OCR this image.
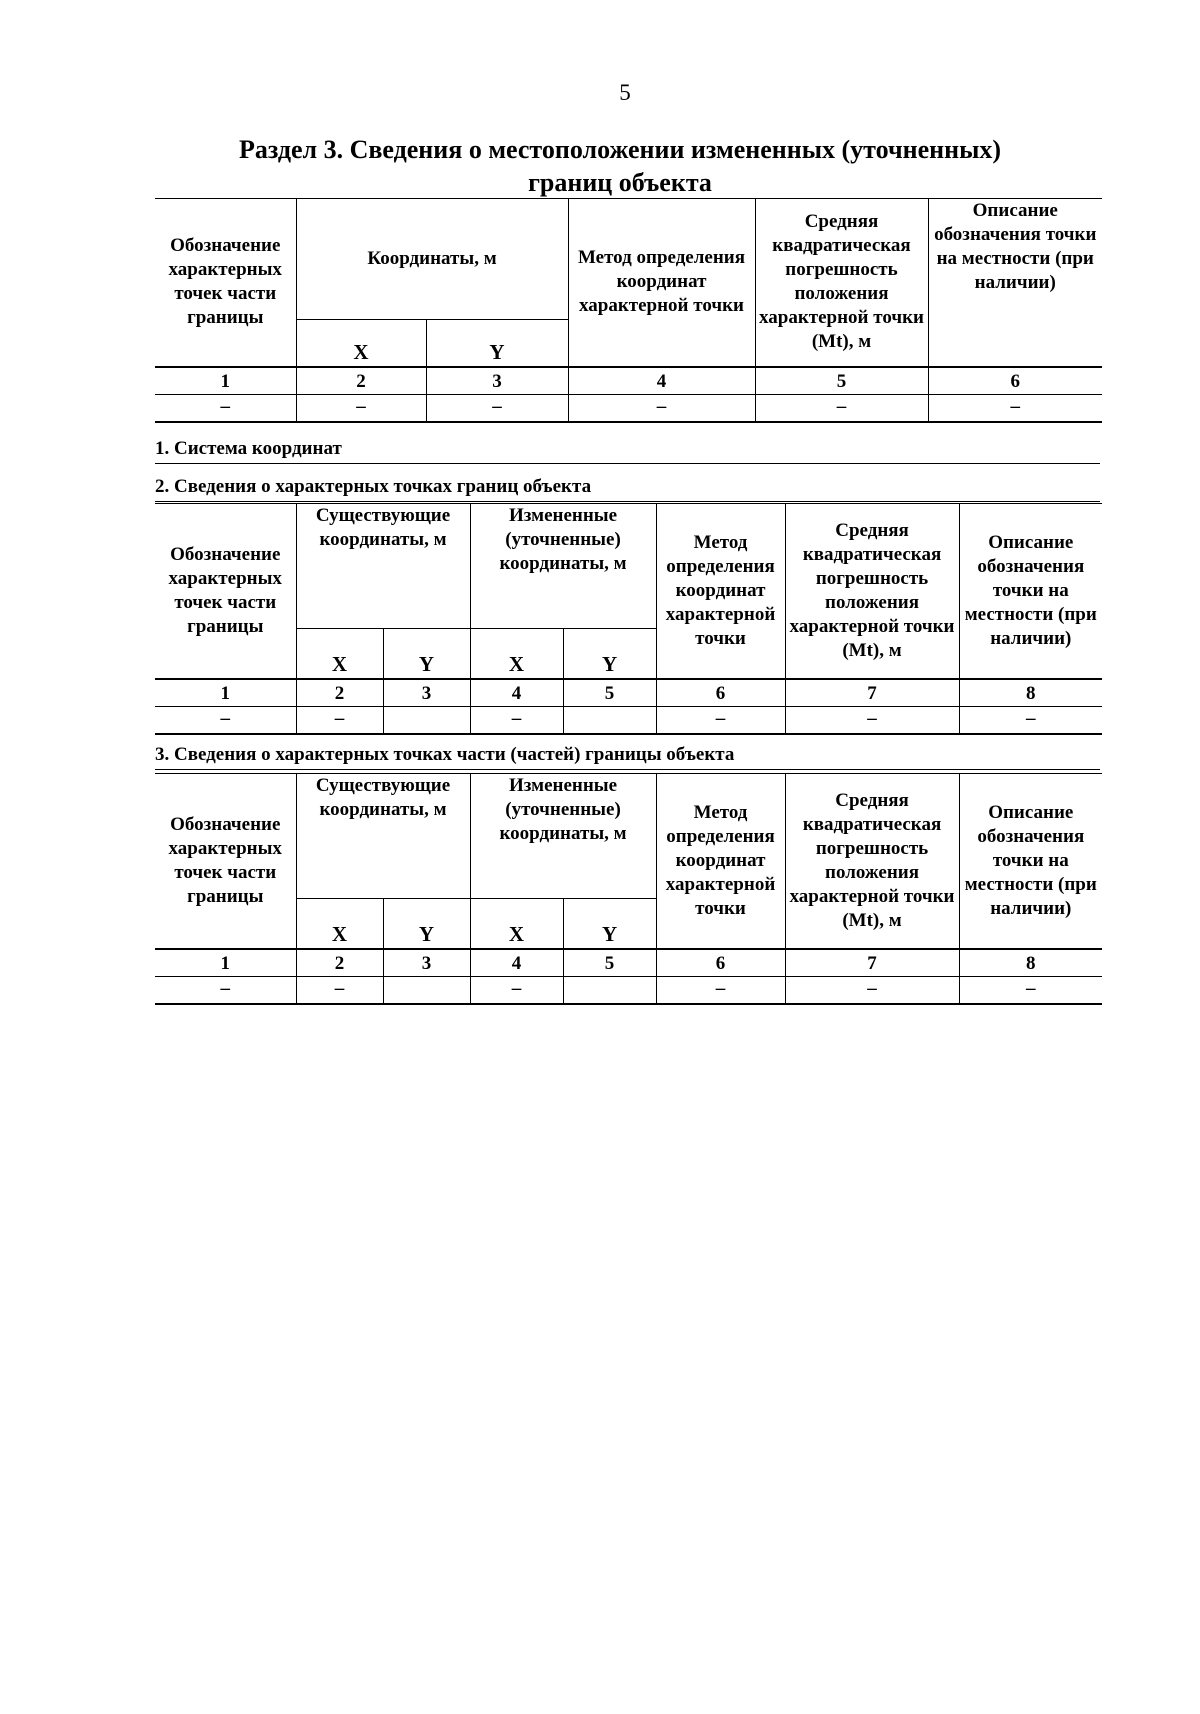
5
Раздел 3. Сведения о местоположении измененных (уточненных)
границ объекта
Обозначение характерных точек части границы	Координаты, м		Метод определения координат характерной точки	Средняя квадратическая погрешность положения характерной точки (Mt), м	Описание обозначения точки на местности (при наличии)
	X	Y			
1	2	3	4	5	6
–	–	–	–	–	–
1. Система координат
2. Сведения о характерных точках границ объекта
Обозначение характерных точек части границы	Существующие координаты, м		Измененные (уточненные) координаты, м		Метод определения координат характерной точки	Средняя квадратическая погрешность положения характерной точки (Mt), м	Описание обозначения точки на местности (при наличии)
	X	Y	X	Y			
1	2	3	4	5	6	7	8
–	–		–		–	–	–
3. Сведения о характерных точках части (частей) границы объекта
Обозначение характерных точек части границы	Существующие координаты, м		Измененные (уточненные) координаты, м		Метод определения координат характерной точки	Средняя квадратическая погрешность положения характерной точки (Mt), м	Описание обозначения точки на местности (при наличии)
	X	Y	X	Y			
1	2	3	4	5	6	7	8
–	–		–		–	–	–
